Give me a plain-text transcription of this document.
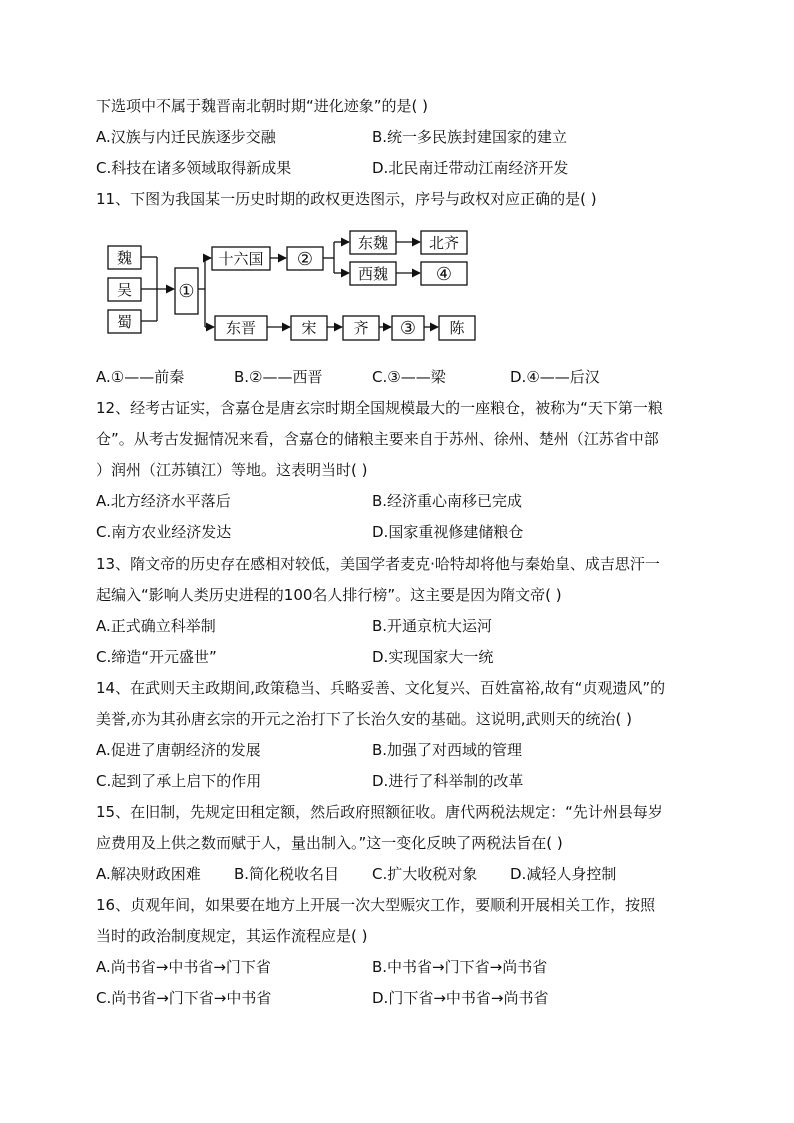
下选项中不属于魏晋南北朝时期“进化迹象”的是( )
A.汉族与内迁民族逐步交融	B.统一多民族封建国家的建立
C.科技在诸多领域取得新成果	D.北民南迁带动江南经济开发
11、下图为我国某一历史时期的政权更迭图示，序号与政权对应正确的是( )
魏
吴
蜀
①
十六国 ②
东魏	北齐
西魏	④
东晋	宋 齐 ③ 陈
A.①——前秦	B.②——西晋	C.③——梁	D.④——后汉
12、经考古证实，含嘉仓是唐玄宗时期全国规模最大的一座粮仓，被称为“天下第一粮
仓”。从考古发掘情况来看，含嘉仓的储粮主要来自于苏州、徐州、楚州（江苏省中部
）润州（江苏镇江）等地。这表明当时( )
A.北方经济水平落后	B.经济重心南移已完成
C.南方农业经济发达	D.国家重视修建储粮仓
13、隋文帝的历史存在感相对较低，美国学者麦克·哈特却将他与秦始皇、成吉思汗一
起编入“影响人类历史进程的100名人排行榜”。这主要是因为隋文帝( )
A.正式确立科举制	B.开通京杭大运河
C.缔造“开元盛世”	D.实现国家大一统
14、在武则天主政期间,政策稳当、兵略妥善、文化复兴、百姓富裕,故有“贞观遗风”的
美誉,亦为其孙唐玄宗的开元之治打下了长治久安的基础。这说明,武则天的统治( )
A.促进了唐朝经济的发展	B.加强了对西域的管理
C.起到了承上启下的作用	D.进行了科举制的改革
15、在旧制，先规定田租定额，然后政府照额征收。唐代两税法规定：“先计州县每岁
应费用及上供之数而赋于人，量出制入。”这一变化反映了两税法旨在( )
A.解决财政困难 B.简化税收名目 C.扩大收税对象 D.减轻人身控制
16、贞观年间，如果要在地方上开展一次大型赈灾工作，要顺利开展相关工作，按照
当时的政治制度规定，其运作流程应是( )
A.尚书省→中书省→门下省	B.中书省→门下省→尚书省
C.尚书省→门下省→中书省	D.门下省→中书省→尚书省
